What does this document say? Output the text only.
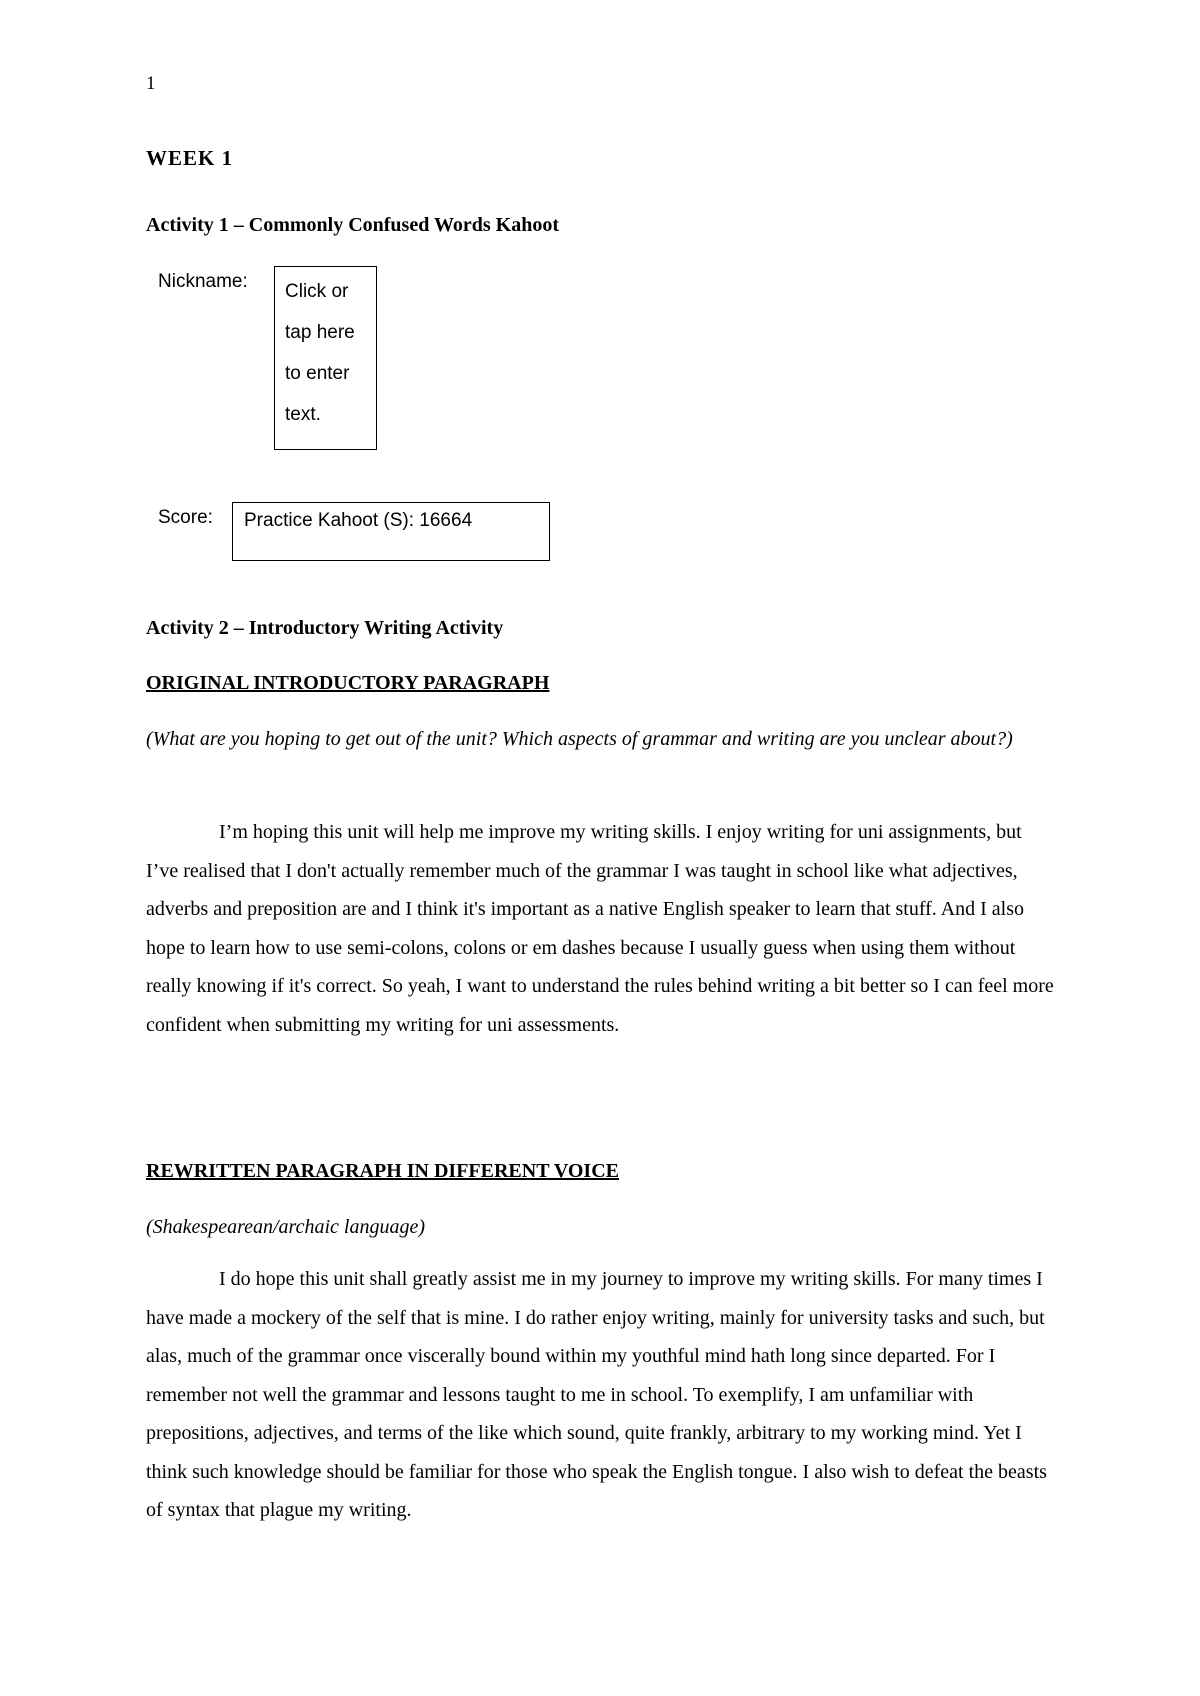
1

WEEK 1

Activity 1 – Commonly Confused Words Kahoot

Nickname:	Click or tap here to enter text.

Score:	Practice Kahoot (S): 16664

Activity 2 – Introductory Writing Activity

ORIGINAL INTRODUCTORY PARAGRAPH

(What are you hoping to get out of the unit? Which aspects of grammar and writing are you unclear about?)

I’m hoping this unit will help me improve my writing skills. I enjoy writing for uni assignments, but I’ve realised that I don't actually remember much of the grammar I was taught in school like what adjectives, adverbs and preposition are and I think it's important as a native English speaker to learn that stuff. And I also hope to learn how to use semi-colons, colons or em dashes because I usually guess when using them without really knowing if it's correct. So yeah, I want to understand the rules behind writing a bit better so I can feel more confident when submitting my writing for uni assessments.

REWRITTEN PARAGRAPH IN DIFFERENT VOICE

(Shakespearean/archaic language)

I do hope this unit shall greatly assist me in my journey to improve my writing skills. For many times I have made a mockery of the self that is mine. I do rather enjoy writing, mainly for university tasks and such, but alas, much of the grammar once viscerally bound within my youthful mind hath long since departed. For I remember not well the grammar and lessons taught to me in school. To exemplify, I am unfamiliar with prepositions, adjectives, and terms of the like which sound, quite frankly, arbitrary to my working mind. Yet I think such knowledge should be familiar for those who speak the English tongue. I also wish to defeat the beasts of syntax that plague my writing.
